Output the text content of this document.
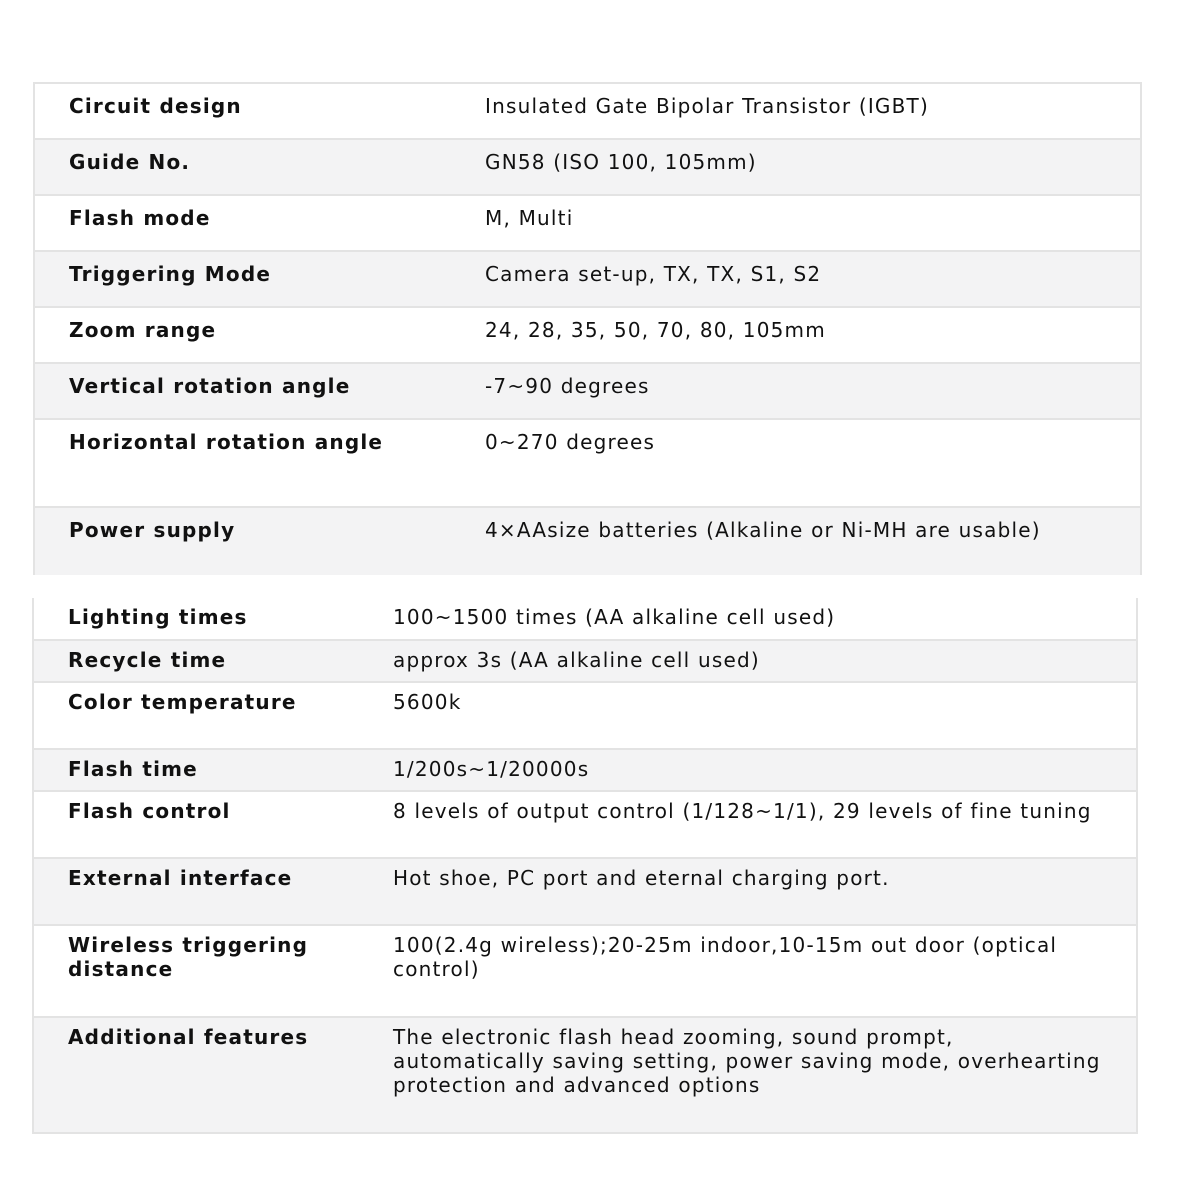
Circuit design	Insulated Gate Bipolar Transistor (IGBT)
Guide No.	GN58 (ISO 100, 105mm)
Flash mode	M, Multi
Triggering Mode	Camera set-up, TX, TX, S1, S2
Zoom range	24, 28, 35, 50, 70, 80, 105mm
Vertical rotation angle	-7~90 degrees
Horizontal rotation angle	0~270 degrees
Power supply	4×AAsize batteries (Alkaline or Ni-MH are usable)
Lighting times	100~1500 times (AA alkaline cell used)
Recycle time	approx 3s (AA alkaline cell used)
Color temperature	5600k
Flash time	1/200s~1/20000s
Flash control	8 levels of output control (1/128~1/1), 29 levels of fine tuning
External interface	Hot shoe, PC port and eternal charging port.
Wireless triggering distance	100(2.4g wireless);20-25m indoor,10-15m out door (optical control)
Additional features	The electronic flash head zooming, sound prompt, automatically saving setting, power saving mode, overhearting protection and advanced options
